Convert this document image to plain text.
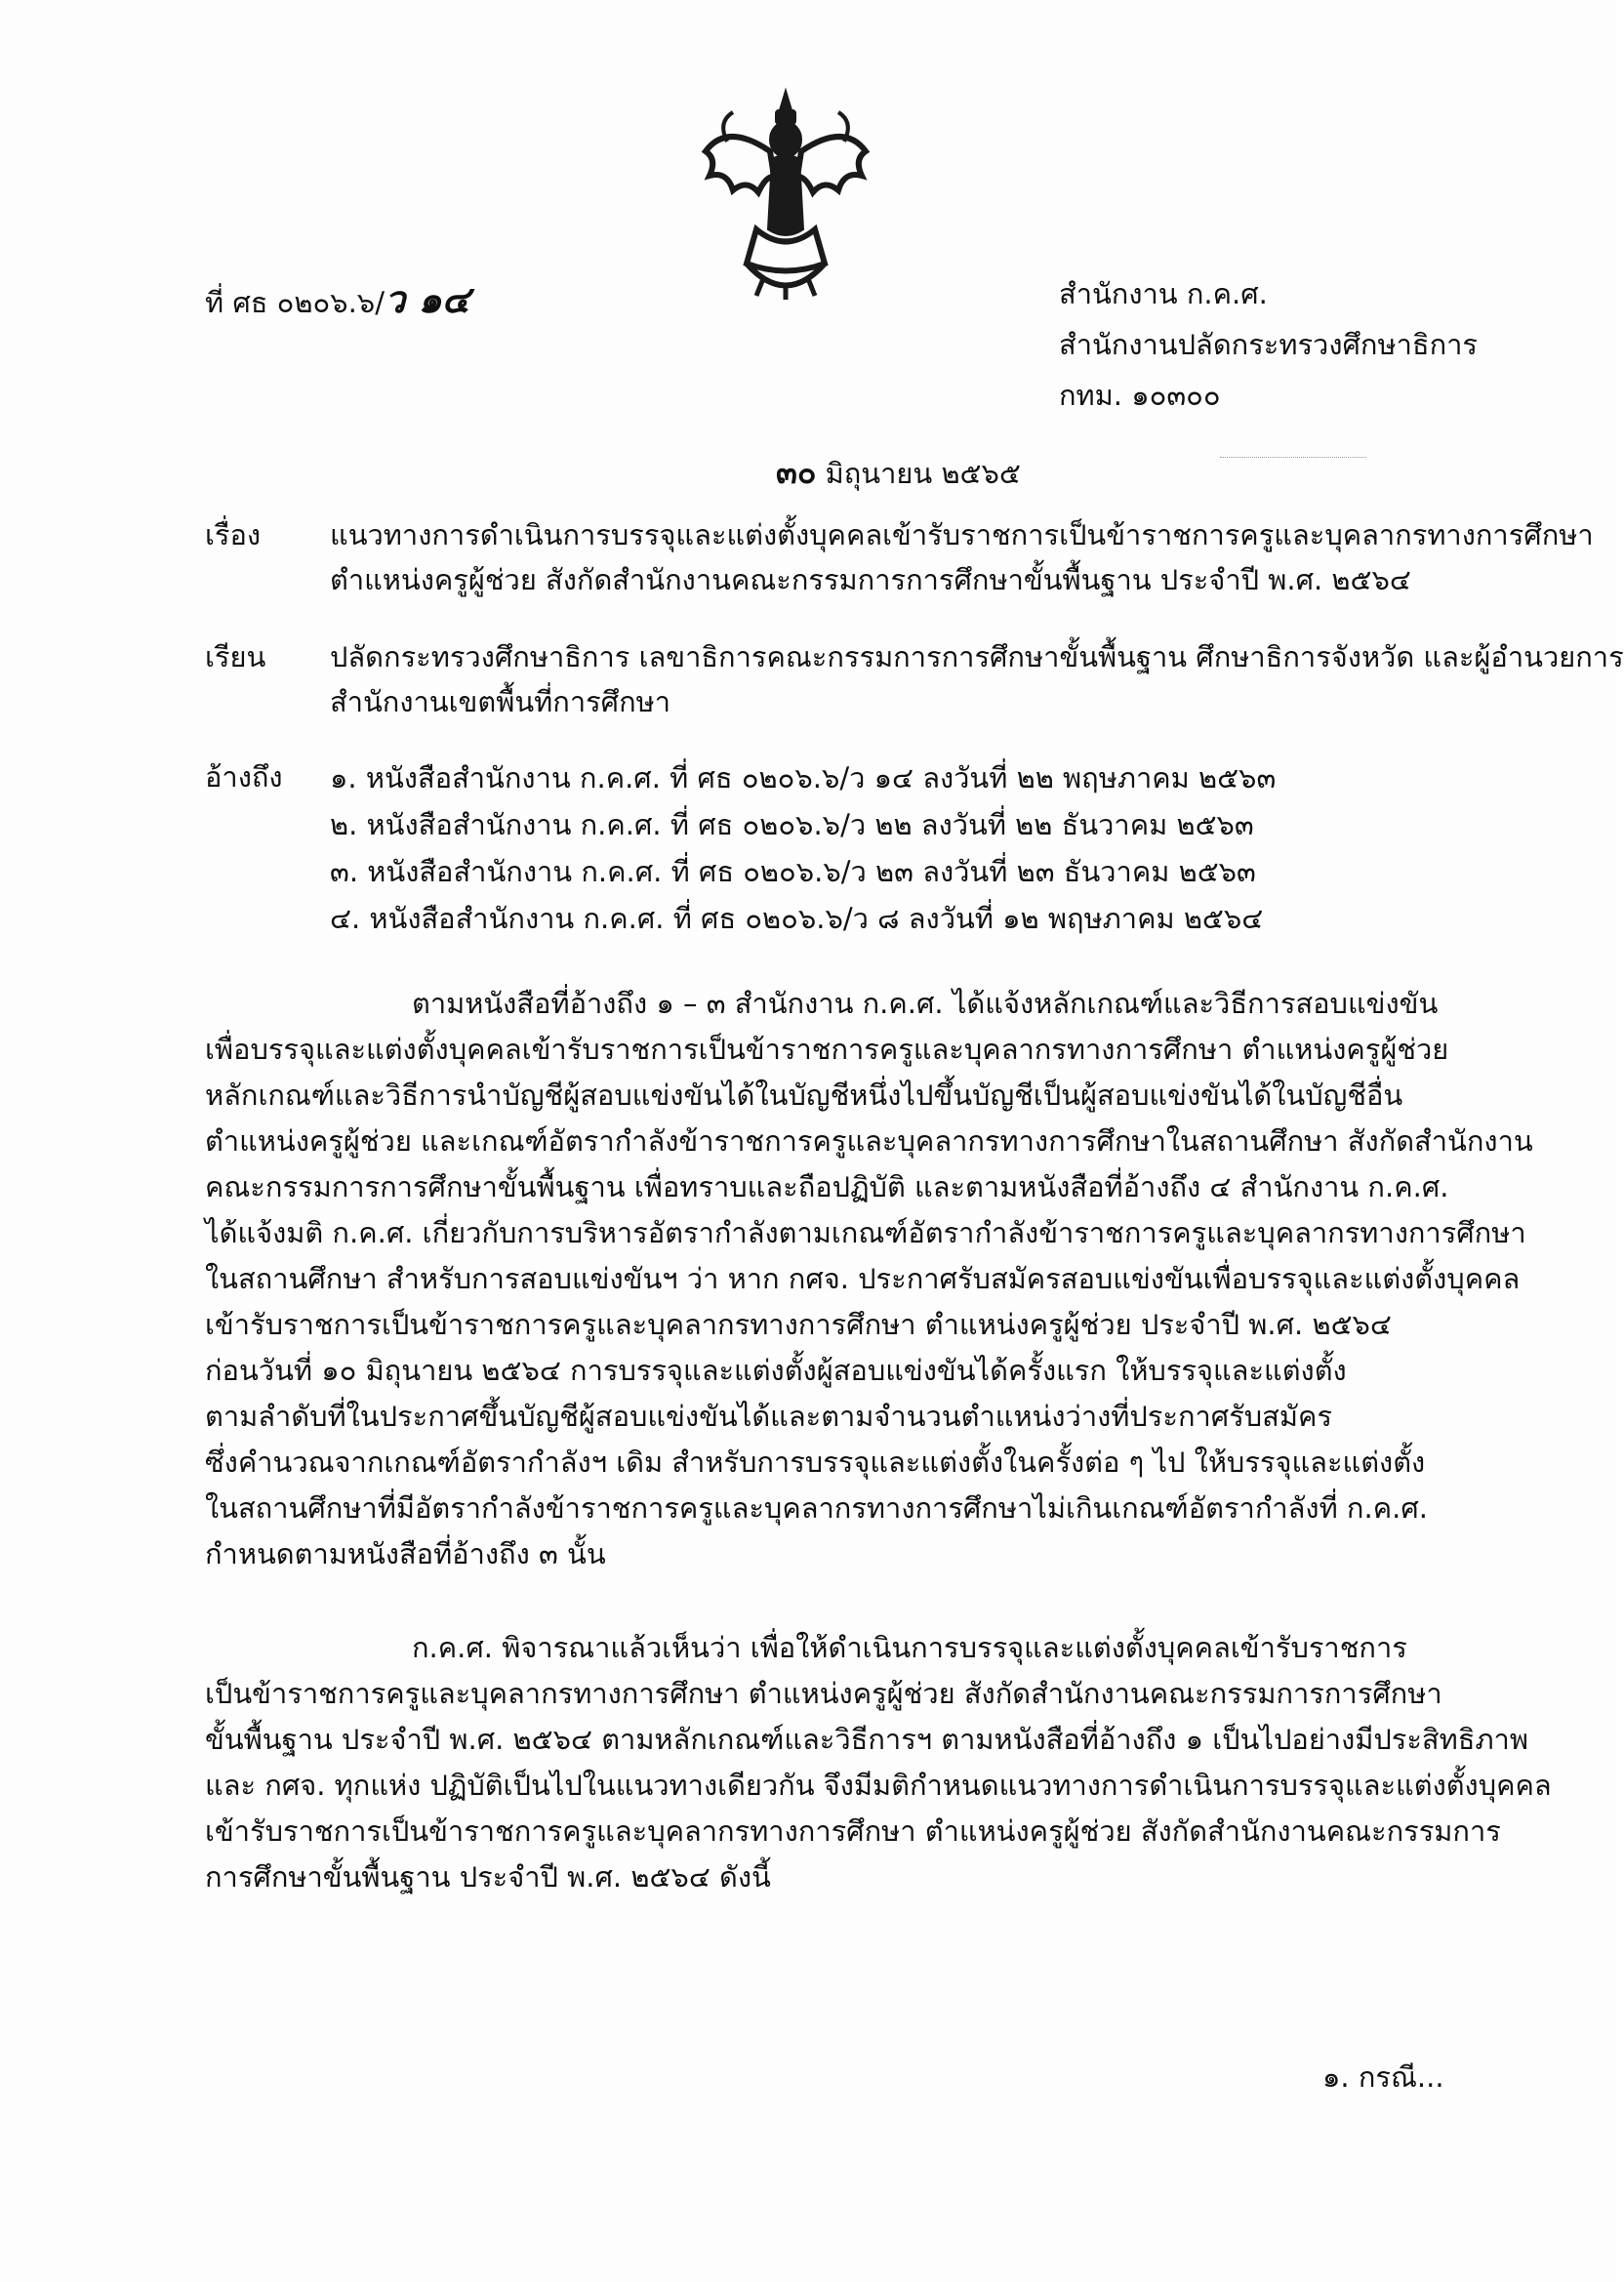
ที่ ศธ ๐๒๐๖.๖/ว ๑๔	สำนักงาน ก.ค.ศ.
สำนักงานปลัดกระทรวงศึกษาธิการ
กทม. ๑๐๓๐๐
๓๐ มิถุนายน ๒๕๖๕
เรื่อง แนวทางการดำเนินการบรรจุและแต่งตั้งบุคคลเข้ารับราชการเป็นข้าราชการครูและบุคลากรทางการศึกษา
ตำแหน่งครูผู้ช่วย สังกัดสำนักงานคณะกรรมการการศึกษาขั้นพื้นฐาน ประจำปี พ.ศ. ๒๕๖๔
เรียน ปลัดกระทรวงศึกษาธิการ เลขาธิการคณะกรรมการการศึกษาขั้นพื้นฐาน ศึกษาธิการจังหวัด และผู้อำนวยการ
สำนักงานเขตพื้นที่การศึกษา
อ้างถึง ๑. หนังสือสำนักงาน ก.ค.ศ. ที่ ศธ ๐๒๐๖.๖/ว ๑๔ ลงวันที่ ๒๒ พฤษภาคม ๒๕๖๓
๒. หนังสือสำนักงาน ก.ค.ศ. ที่ ศธ ๐๒๐๖.๖/ว ๒๒ ลงวันที่ ๒๒ ธันวาคม ๒๕๖๓
๓. หนังสือสำนักงาน ก.ค.ศ. ที่ ศธ ๐๒๐๖.๖/ว ๒๓ ลงวันที่ ๒๓ ธันวาคม ๒๕๖๓
๔. หนังสือสำนักงาน ก.ค.ศ. ที่ ศธ ๐๒๐๖.๖/ว ๘ ลงวันที่ ๑๒ พฤษภาคม ๒๕๖๔
ตามหนังสือที่อ้างถึง ๑ – ๓ สำนักงาน ก.ค.ศ. ได้แจ้งหลักเกณฑ์และวิธีการสอบแข่งขัน
เพื่อบรรจุและแต่งตั้งบุคคลเข้ารับราชการเป็นข้าราชการครูและบุคลากรทางการศึกษา ตำแหน่งครูผู้ช่วย
หลักเกณฑ์และวิธีการนำบัญชีผู้สอบแข่งขันได้ในบัญชีหนึ่งไปขึ้นบัญชีเป็นผู้สอบแข่งขันได้ในบัญชีอื่น
ตำแหน่งครูผู้ช่วย และเกณฑ์อัตรากำลังข้าราชการครูและบุคลากรทางการศึกษาในสถานศึกษา สังกัดสำนักงาน
คณะกรรมการการศึกษาขั้นพื้นฐาน เพื่อทราบและถือปฏิบัติ และตามหนังสือที่อ้างถึง ๔ สำนักงาน ก.ค.ศ.
ได้แจ้งมติ ก.ค.ศ. เกี่ยวกับการบริหารอัตรากำลังตามเกณฑ์อัตรากำลังข้าราชการครูและบุคลากรทางการศึกษา
ในสถานศึกษา สำหรับการสอบแข่งขันฯ ว่า หาก กศจ. ประกาศรับสมัครสอบแข่งขันเพื่อบรรจุและแต่งตั้งบุคคล
เข้ารับราชการเป็นข้าราชการครูและบุคลากรทางการศึกษา ตำแหน่งครูผู้ช่วย ประจำปี พ.ศ. ๒๕๖๔
ก่อนวันที่ ๑๐ มิถุนายน ๒๕๖๔ การบรรจุและแต่งตั้งผู้สอบแข่งขันได้ครั้งแรก ให้บรรจุและแต่งตั้ง
ตามลำดับที่ในประกาศขึ้นบัญชีผู้สอบแข่งขันได้และตามจำนวนตำแหน่งว่างที่ประกาศรับสมัคร
ซึ่งคำนวณจากเกณฑ์อัตรากำลังฯ เดิม สำหรับการบรรจุและแต่งตั้งในครั้งต่อ ๆ ไป ให้บรรจุและแต่งตั้ง
ในสถานศึกษาที่มีอัตรากำลังข้าราชการครูและบุคลากรทางการศึกษาไม่เกินเกณฑ์อัตรากำลังที่ ก.ค.ศ.
กำหนดตามหนังสือที่อ้างถึง ๓ นั้น
ก.ค.ศ. พิจารณาแล้วเห็นว่า เพื่อให้ดำเนินการบรรจุและแต่งตั้งบุคคลเข้ารับราชการ
เป็นข้าราชการครูและบุคลากรทางการศึกษา ตำแหน่งครูผู้ช่วย สังกัดสำนักงานคณะกรรมการการศึกษา
ขั้นพื้นฐาน ประจำปี พ.ศ. ๒๕๖๔ ตามหลักเกณฑ์และวิธีการฯ ตามหนังสือที่อ้างถึง ๑ เป็นไปอย่างมีประสิทธิภาพ
และ กศจ. ทุกแห่ง ปฏิบัติเป็นไปในแนวทางเดียวกัน จึงมีมติกำหนดแนวทางการดำเนินการบรรจุและแต่งตั้งบุคคล
เข้ารับราชการเป็นข้าราชการครูและบุคลากรทางการศึกษา ตำแหน่งครูผู้ช่วย สังกัดสำนักงานคณะกรรมการ
การศึกษาขั้นพื้นฐาน ประจำปี พ.ศ. ๒๕๖๔ ดังนี้
๑. กรณี...
